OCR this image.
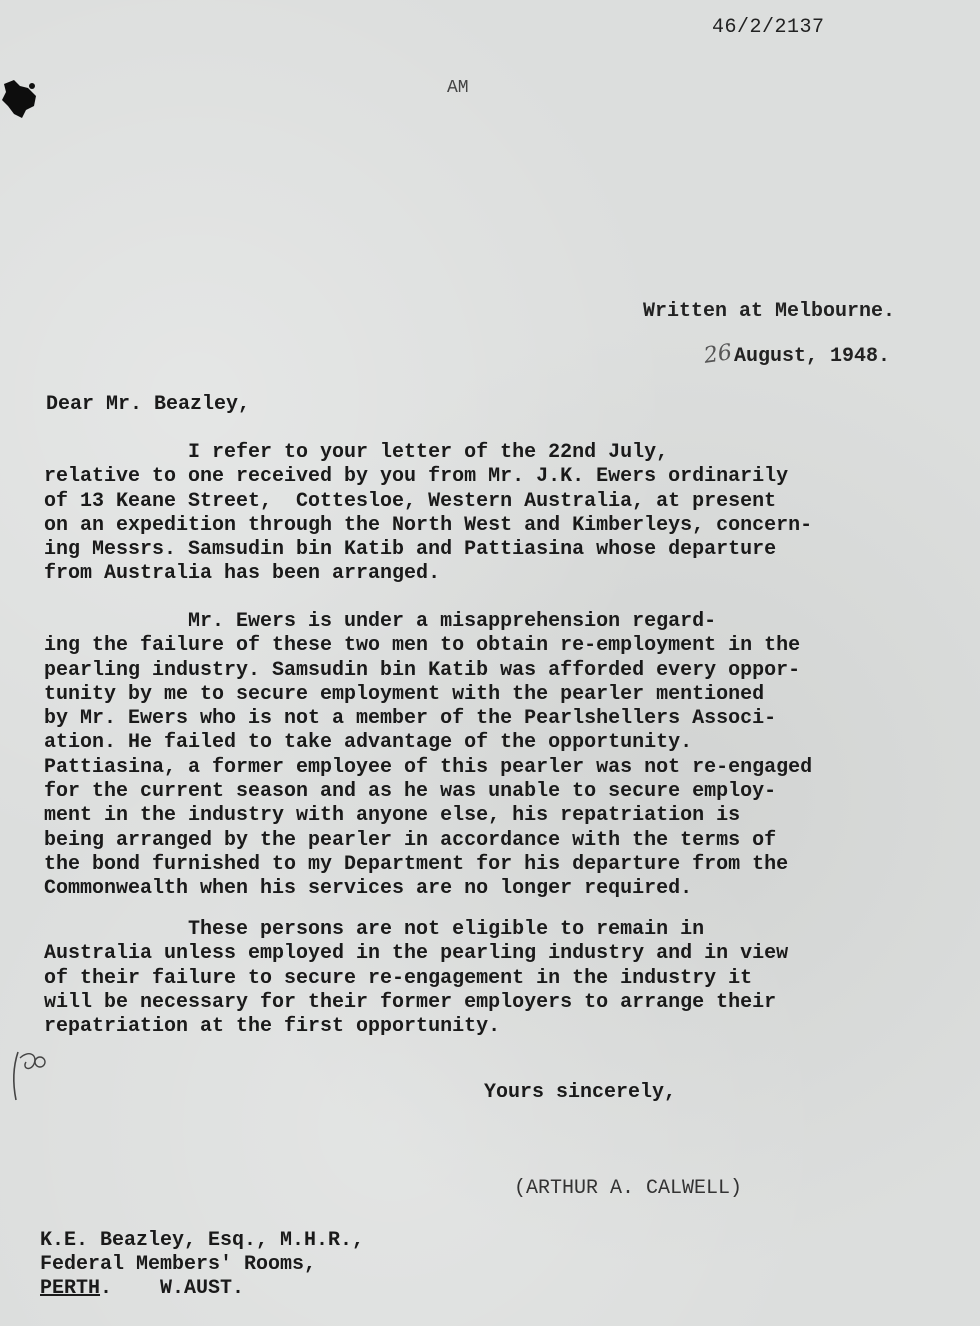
46/2/2137
AM
Written at Melbourne.
26August, 1948.
Dear Mr. Beazley,
I refer to your letter of the 22nd July,
relative to one received by you from Mr. J.K. Ewers ordinarily
of 13 Keane Street,  Cottesloe, Western Australia, at present
on an expedition through the North West and Kimberleys, concern-
ing Messrs. Samsudin bin Katib and Pattiasina whose departure
from Australia has been arranged.
Mr. Ewers is under a misapprehension regard-
ing the failure of these two men to obtain re-employment in the
pearling industry. Samsudin bin Katib was afforded every oppor-
tunity by me to secure employment with the pearler mentioned
by Mr. Ewers who is not a member of the Pearlshellers Associ-
ation. He failed to take advantage of the opportunity.
Pattiasina, a former employee of this pearler was not re-engaged
for the current season and as he was unable to secure employ-
ment in the industry with anyone else, his repatriation is
being arranged by the pearler in accordance with the terms of
the bond furnished to my Department for his departure from the
Commonwealth when his services are no longer required.
These persons are not eligible to remain in
Australia unless employed in the pearling industry and in view
of their failure to secure re-engagement in the industry it
will be necessary for their former employers to arrange their
repatriation at the first opportunity.
Yours sincerely,
(ARTHUR A. CALWELL)
K.E. Beazley, Esq., M.H.R.,
Federal Members' Rooms,
PERTH.    W.AUST.
